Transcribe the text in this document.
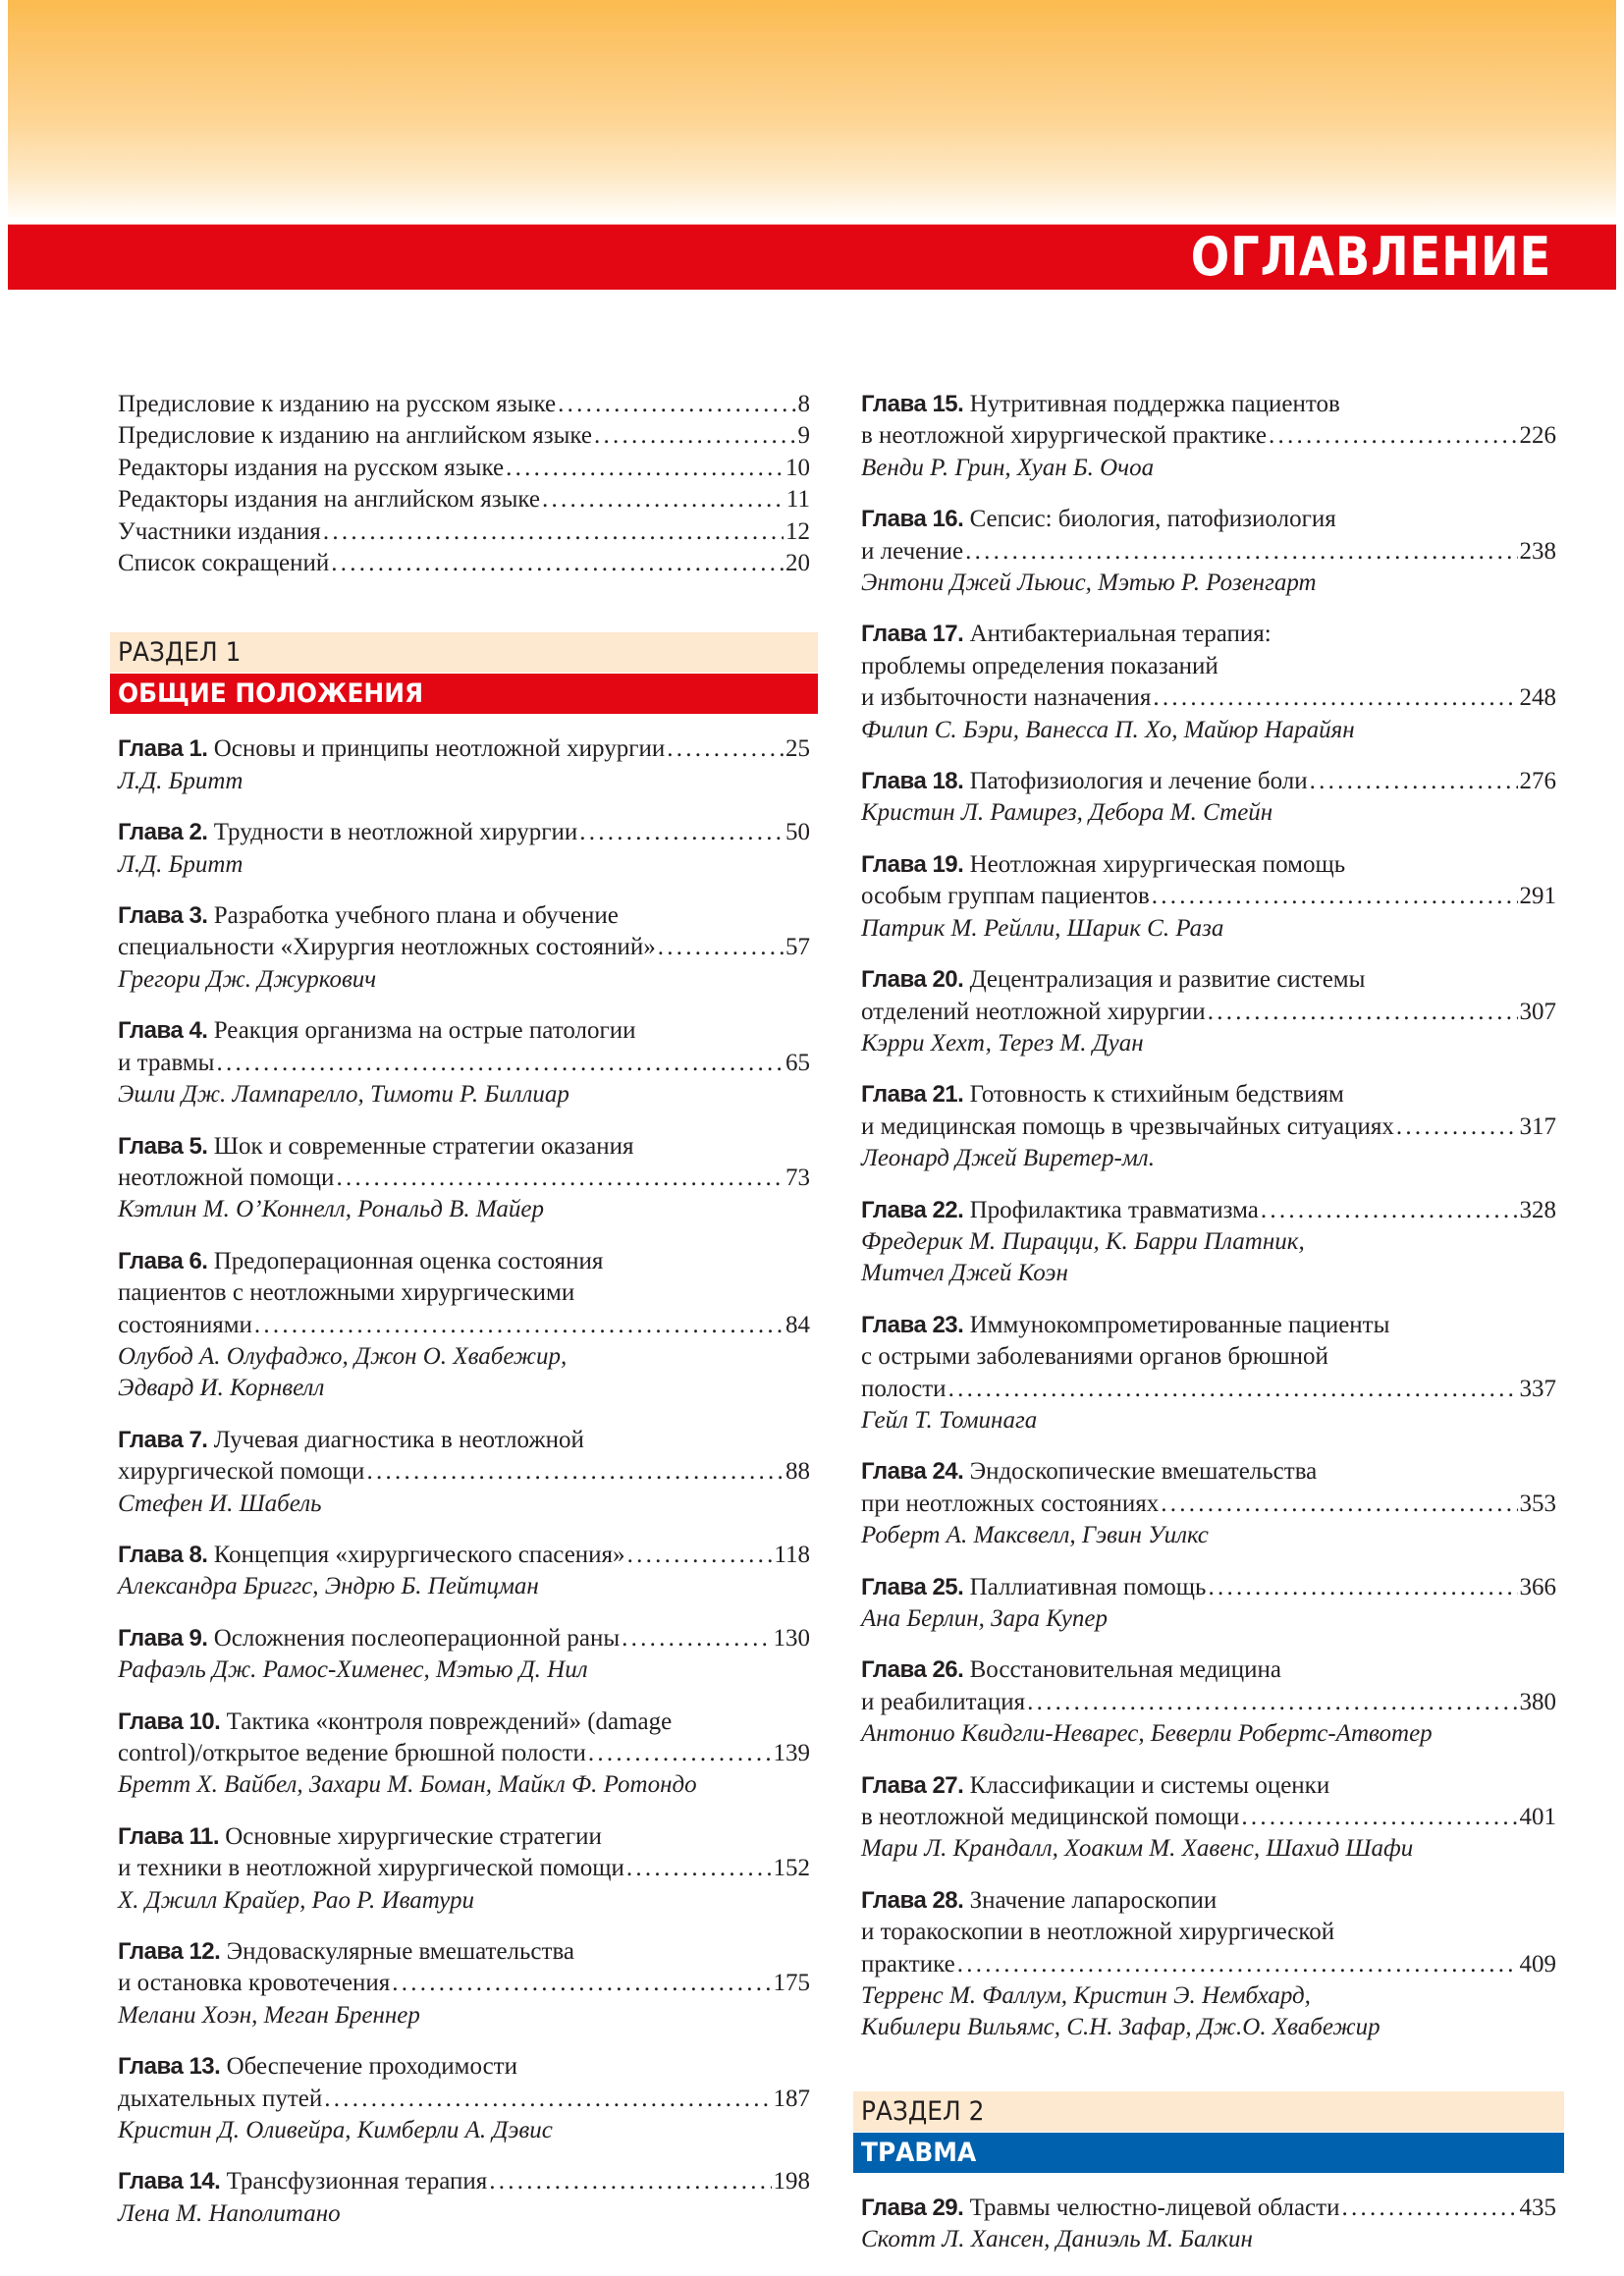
ОГЛАВЛЕНИЕ
Предисловие к изданию на русском языке . . .	8
Предисловие к изданию на английском языке . . .	9
Редакторы издания на русском языке . . .	10
Редакторы издания на английском языке . . .	11
Участники издания . . .	12
Список сокращений . . .	20
РАЗДЕЛ 1
ОБЩИЕ ПОЛОЖЕНИЯ
Глава 1. Основы и принципы неотложной хирургии . . .	25
Л.Д. Бритт
Глава 2. Трудности в неотложной хирургии . . .	50
Л.Д. Бритт
Глава 3. Разработка учебного плана и обучение
специальности «Хирургия неотложных состояний» . . .	57
Грегори Дж. Джуркович
Глава 4. Реакция организма на острые патологии
и травмы . . .	65
Эшли Дж. Лампарелло, Тимоти Р. Биллиар
Глава 5. Шок и современные стратегии оказания
неотложной помощи . . .	73
Кэтлин М. О’Коннелл, Рональд В. Майер
Глава 6. Предоперационная оценка состояния
пациентов с неотложными хирургическими
состояниями . . .	84
Олубод А. Олуфаджо, Джон О. Хвабежир,
Эдвард И. Корнвелл
Глава 7. Лучевая диагностика в неотложной
хирургической помощи . . .	88
Стефен И. Шабель
Глава 8. Концепция «хирургического спасения» . . .	118
Александра Бриггс, Эндрю Б. Пейтцман
Глава 9. Осложнения послеоперационной раны . . .	130
Рафаэль Дж. Рамос-Хименес, Мэтью Д. Нил
Глава 10. Тактика «контроля повреждений» (damage
control)/открытое ведение брюшной полости . . .	139
Бретт Х. Вайбел, Захари М. Боман, Майкл Ф. Ротондо
Глава 11. Основные хирургические стратегии
и техники в неотложной хирургической помощи . . .	152
Х. Джилл Крайер, Рао Р. Иватури
Глава 12. Эндоваскулярные вмешательства
и остановка кровотечения . . .	175
Мелани Хоэн, Меган Бреннер
Глава 13. Обеспечение проходимости
дыхательных путей . . .	187
Кристин Д. Оливейра, Кимберли А. Дэвис
Глава 14. Трансфузионная терапия . . .	198
Лена М. Наполитано
Глава 15. Нутритивная поддержка пациентов
в неотложной хирургической практике . . .	226
Венди Р. Грин, Хуан Б. Очоа
Глава 16. Сепсис: биология, патофизиология
и лечение . . .	238
Энтони Джей Льюис, Мэтью Р. Розенгарт
Глава 17. Антибактериальная терапия:
проблемы определения показаний
и избыточности назначения . . .	248
Филип С. Бэри, Ванесса П. Хо, Майюр Нарайян
Глава 18. Патофизиология и лечение боли . . .	276
Кристин Л. Рамирез, Дебора М. Стейн
Глава 19. Неотложная хирургическая помощь
особым группам пациентов . . .	291
Патрик М. Рейлли, Шарик С. Раза
Глава 20. Децентрализация и развитие системы
отделений неотложной хирургии . . .	307
Кэрри Хехт, Терез М. Дуан
Глава 21. Готовность к стихийным бедствиям
и медицинская помощь в чрезвычайных ситуациях . . .	317
Леонард Джей Виретер-мл.
Глава 22. Профилактика травматизма . . .	328
Фредерик М. Пирацци, К. Барри Платник,
Митчел Джей Коэн
Глава 23. Иммунокомпрометированные пациенты
с острыми заболеваниями органов брюшной
полости . . .	337
Гейл Т. Томинага
Глава 24. Эндоскопические вмешательства
при неотложных состояниях . . .	353
Роберт А. Максвелл, Гэвин Уилкс
Глава 25. Паллиативная помощь . . .	366
Ана Берлин, Зара Купер
Глава 26. Восстановительная медицина
и реабилитация . . .	380
Антонио Квидгли-Неварес, Беверли Робертс-Атвотер
Глава 27. Классификации и системы оценки
в неотложной медицинской помощи . . .	401
Мари Л. Крандалл, Хоаким М. Хавенс, Шахид Шафи
Глава 28. Значение лапароскопии
и торакоскопии в неотложной хирургической
практике . . .	409
Терренс М. Фаллум, Кристин Э. Нембхард,
Кибилери Вильямс, С.Н. Зафар, Дж.О. Хвабежир
РАЗДЕЛ 2
ТРАВМА
Глава 29. Травмы челюстно-лицевой области . . .	435
Скотт Л. Хансен, Даниэль М. Балкин
